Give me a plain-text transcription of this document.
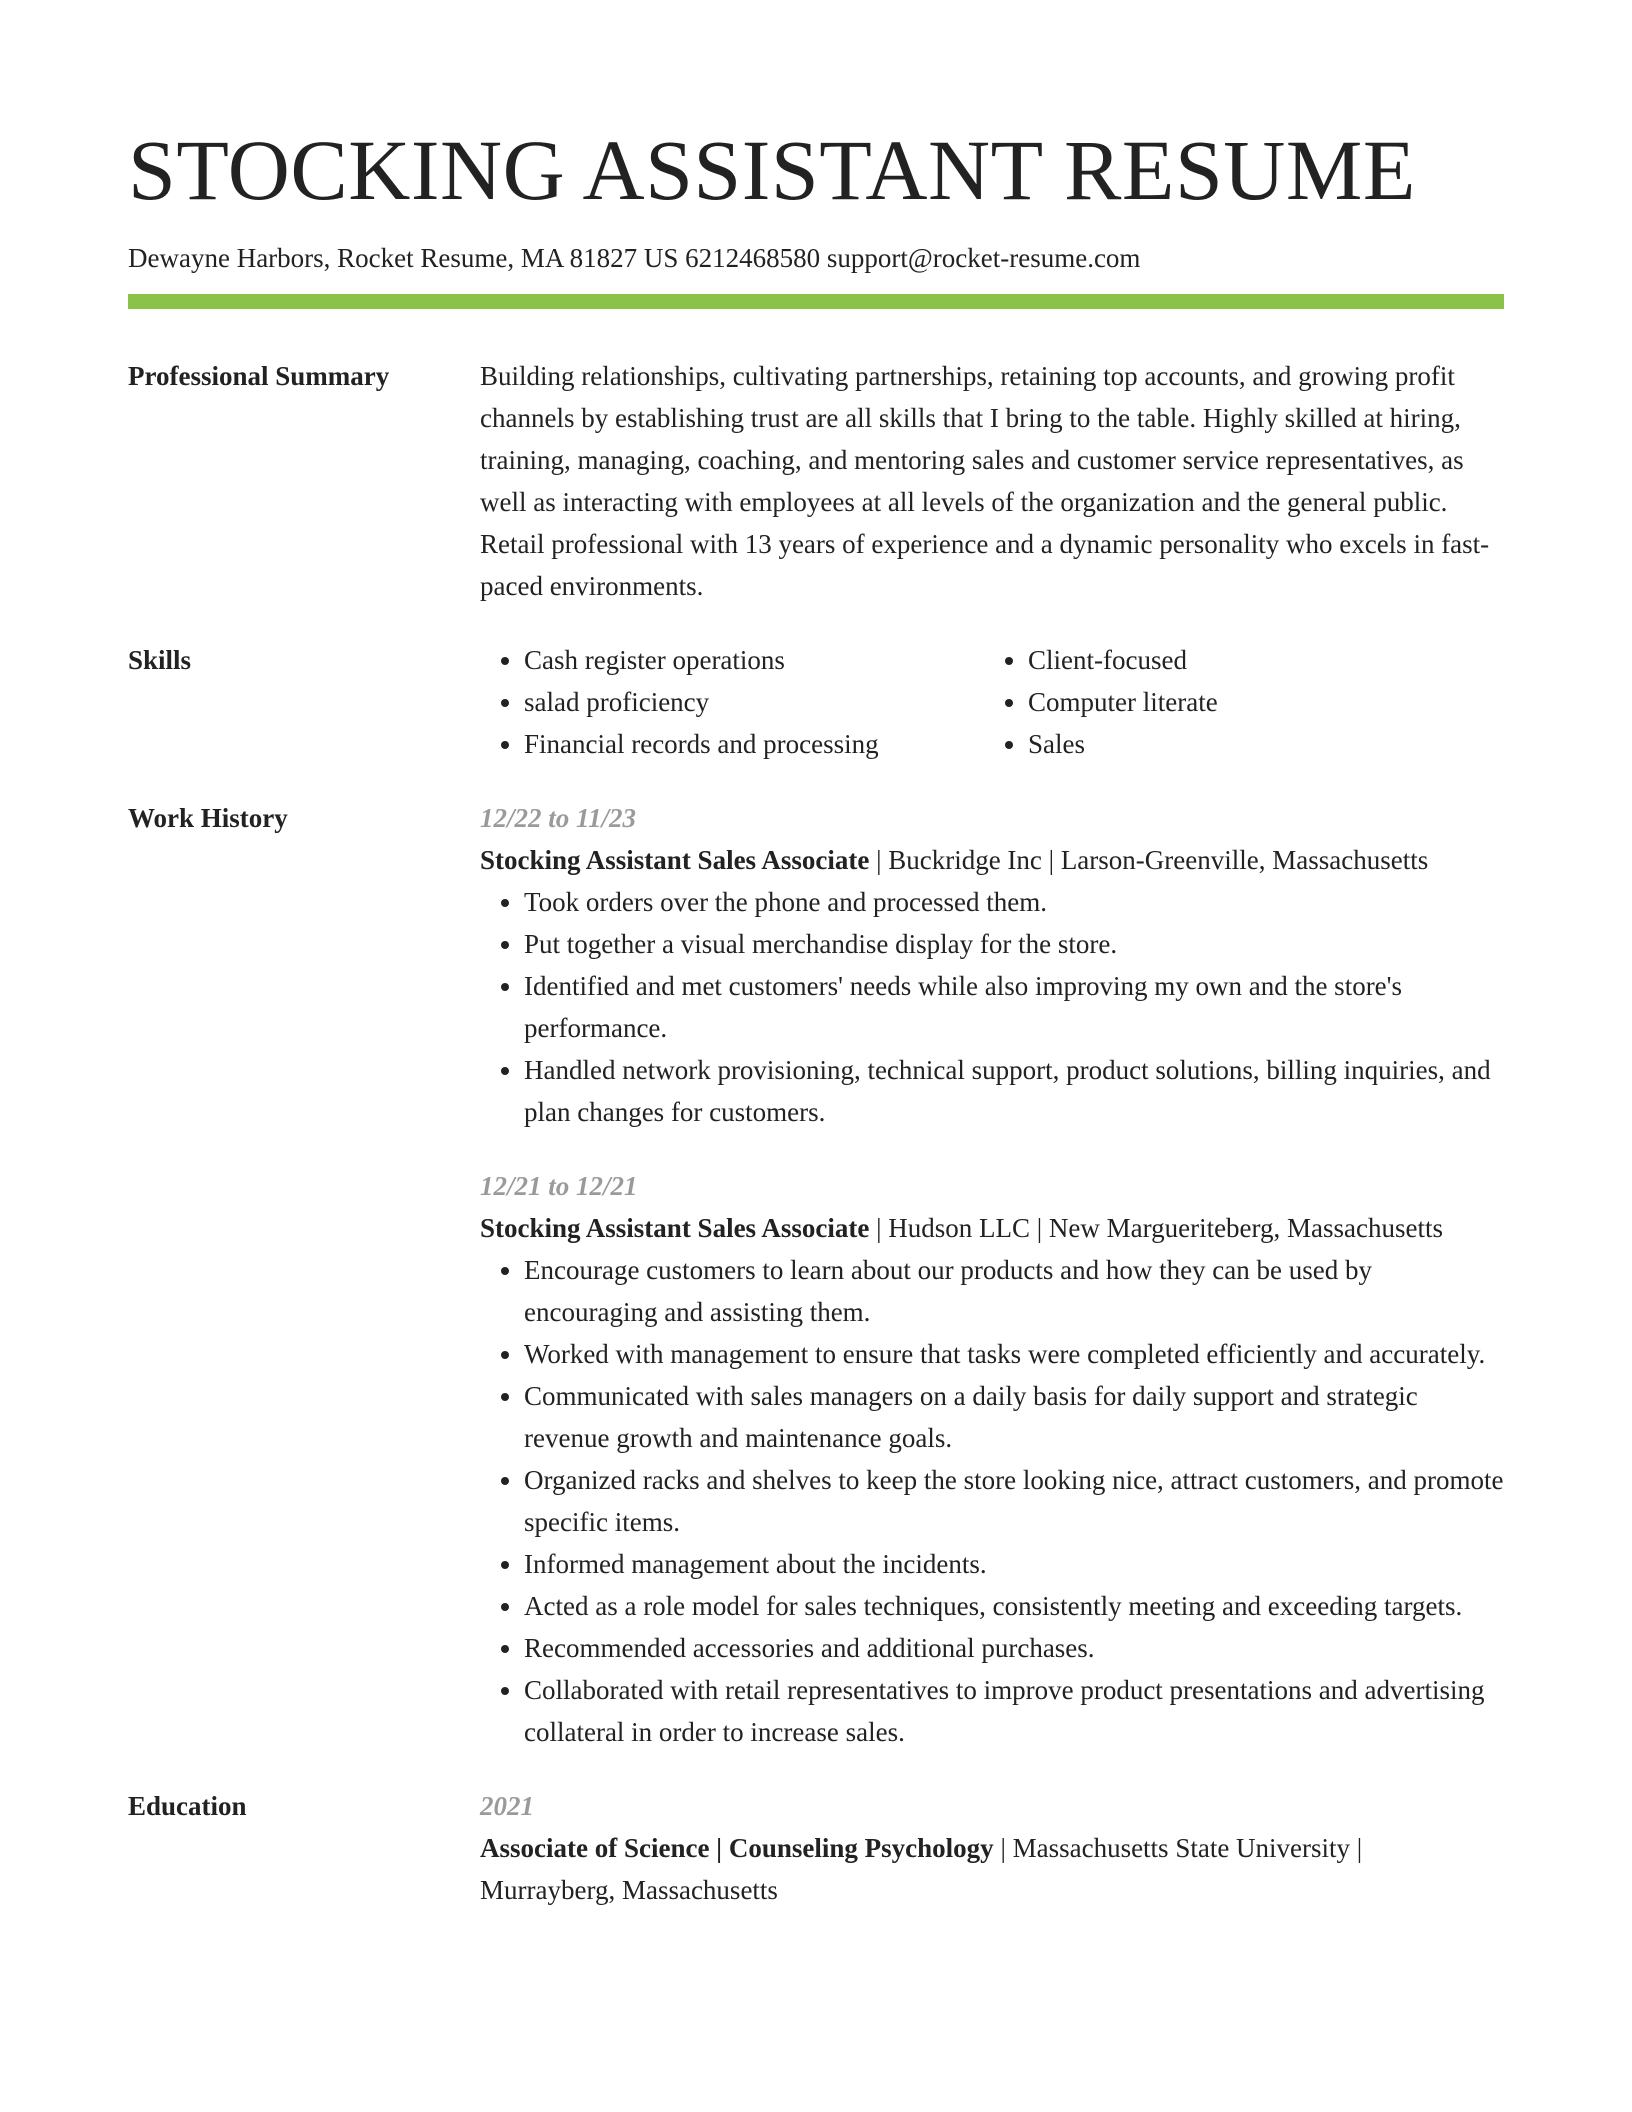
STOCKING ASSISTANT RESUME
Dewayne Harbors, Rocket Resume, MA 81827 US 6212468580 support@rocket-resume.com
Professional Summary	Building relationships, cultivating partnerships, retaining top accounts, and growing profit channels by establishing trust are all skills that I bring to the table. Highly skilled at hiring, training, managing, coaching, and mentoring sales and customer service representatives, as well as interacting with employees at all levels of the organization and the general public. Retail professional with 13 years of experience and a dynamic personality who excels in fast-paced environments.

Skills
•	Cash register operations
• salad proficiency
• Financial records and processing
• Client-focused
• Computer literate
• Sales
Work History	12/22 to 11/23

Stocking Assistant Sales Associate | Buckridge Inc | Larson-Greenville, Massachusetts

• Took orders over the phone and processed them.
• Put together a visual merchandise display for the store.
• Identified and met customers' needs while also improving my own and the store's performance.
• Handled network provisioning, technical support, product solutions, billing inquiries, and plan changes for customers.
12/21 to 12/21

Stocking Assistant Sales Associate | Hudson LLC | New Margueriteberg, Massachusetts

• Encourage customers to learn about our products and how they can be used by encouraging and assisting them.
• Worked with management to ensure that tasks were completed efficiently and accurately.
• Communicated with sales managers on a daily basis for daily support and strategic revenue growth and maintenance goals.
• Organized racks and shelves to keep the store looking nice, attract customers, and promote specific items.
• Informed management about the incidents.
• Acted as a role model for sales techniques, consistently meeting and exceeding targets.
• Recommended accessories and additional purchases.
• Collaborated with retail representatives to improve product presentations and advertising collateral in order to increase sales.
Education	2021

Associate of Science | Counseling Psychology | Massachusetts State University | Murrayberg, Massachusetts
